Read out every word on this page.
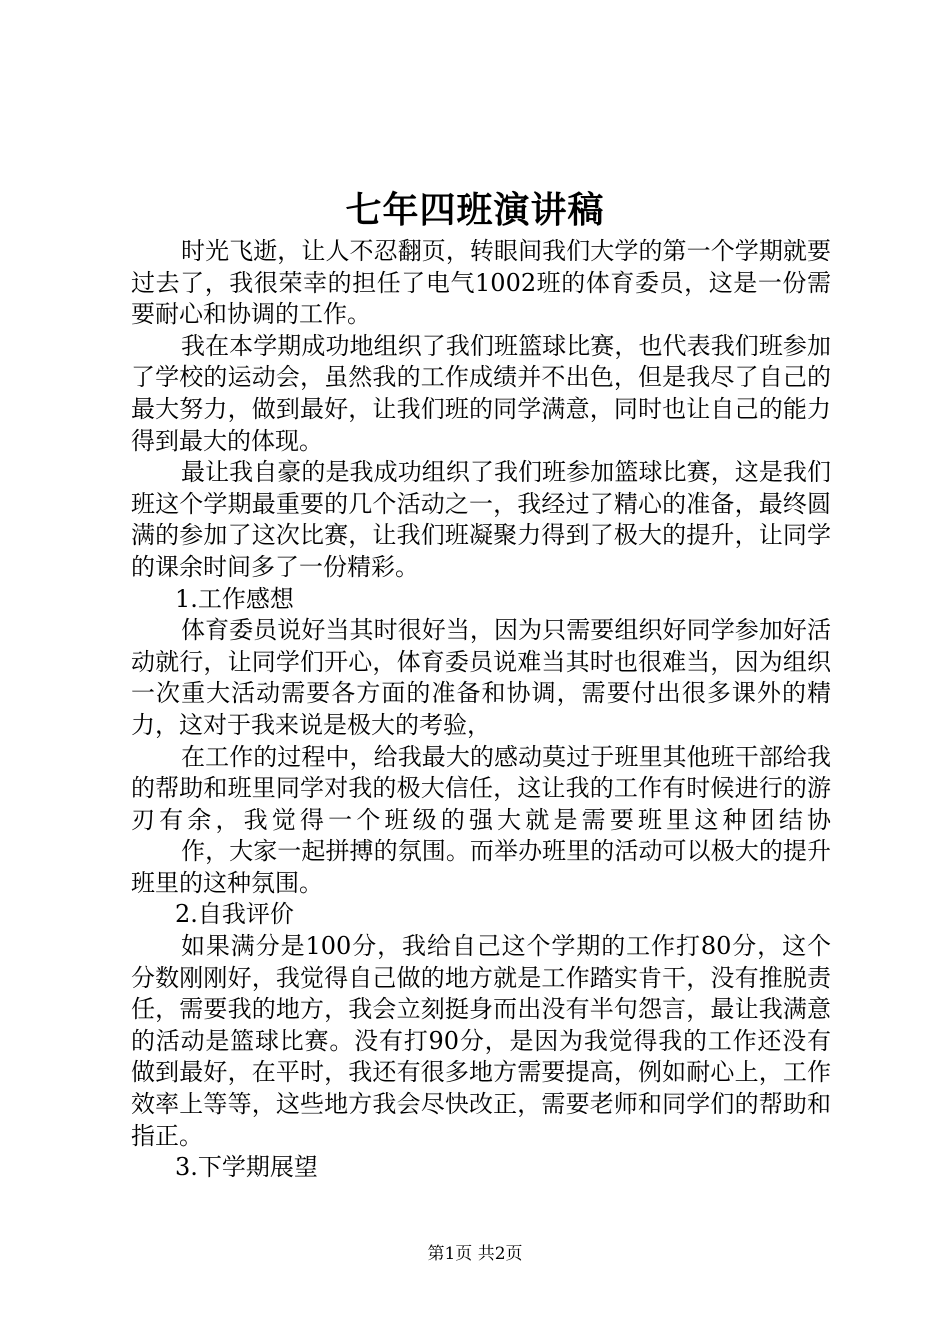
七年四班演讲稿

时光飞逝，让人不忍翻页，转眼间我们大学的第一个学期就要过去了，我很荣幸的担任了电气1002班的体育委员，这是一份需要耐心和协调的工作。

我在本学期成功地组织了我们班篮球比赛，也代表我们班参加了学校的运动会，虽然我的工作成绩并不出色，但是我尽了自己的最大努力，做到最好，让我们班的同学满意，同时也让自己的能力得到最大的体现。

最让我自豪的是我成功组织了我们班参加篮球比赛，这是我们班这个学期最重要的几个活动之一，我经过了精心的准备，最终圆满的参加了这次比赛，让我们班凝聚力得到了极大的提升，让同学的课余时间多了一份精彩。

1.工作感想

体育委员说好当其时很好当，因为只需要组织好同学参加好活动就行，让同学们开心，体育委员说难当其时也很难当，因为组织一次重大活动需要各方面的准备和协调，需要付出很多课外的精力，这对于我来说是极大的考验，

在工作的过程中，给我最大的感动莫过于班里其他班干部给我的帮助和班里同学对我的极大信任，这让我的工作有时候进行的游刃有余，我觉得一个班级的强大就是需要班里这种团结协

作，大家一起拼搏的氛围。而举办班里的活动可以极大的提升班里的这种氛围。

2.自我评价

如果满分是100分，我给自己这个学期的工作打80分，这个分数刚刚好，我觉得自己做的地方就是工作踏实肯干，没有推脱责任，需要我的地方，我会立刻挺身而出没有半句怨言，最让我满意的活动是篮球比赛。没有打90分，是因为我觉得我的工作还没有做到最好，在平时，我还有很多地方需要提高，例如耐心上，工作效率上等等，这些地方我会尽快改正，需要老师和同学们的帮助和指正。

3.下学期展望

第1页 共2页
